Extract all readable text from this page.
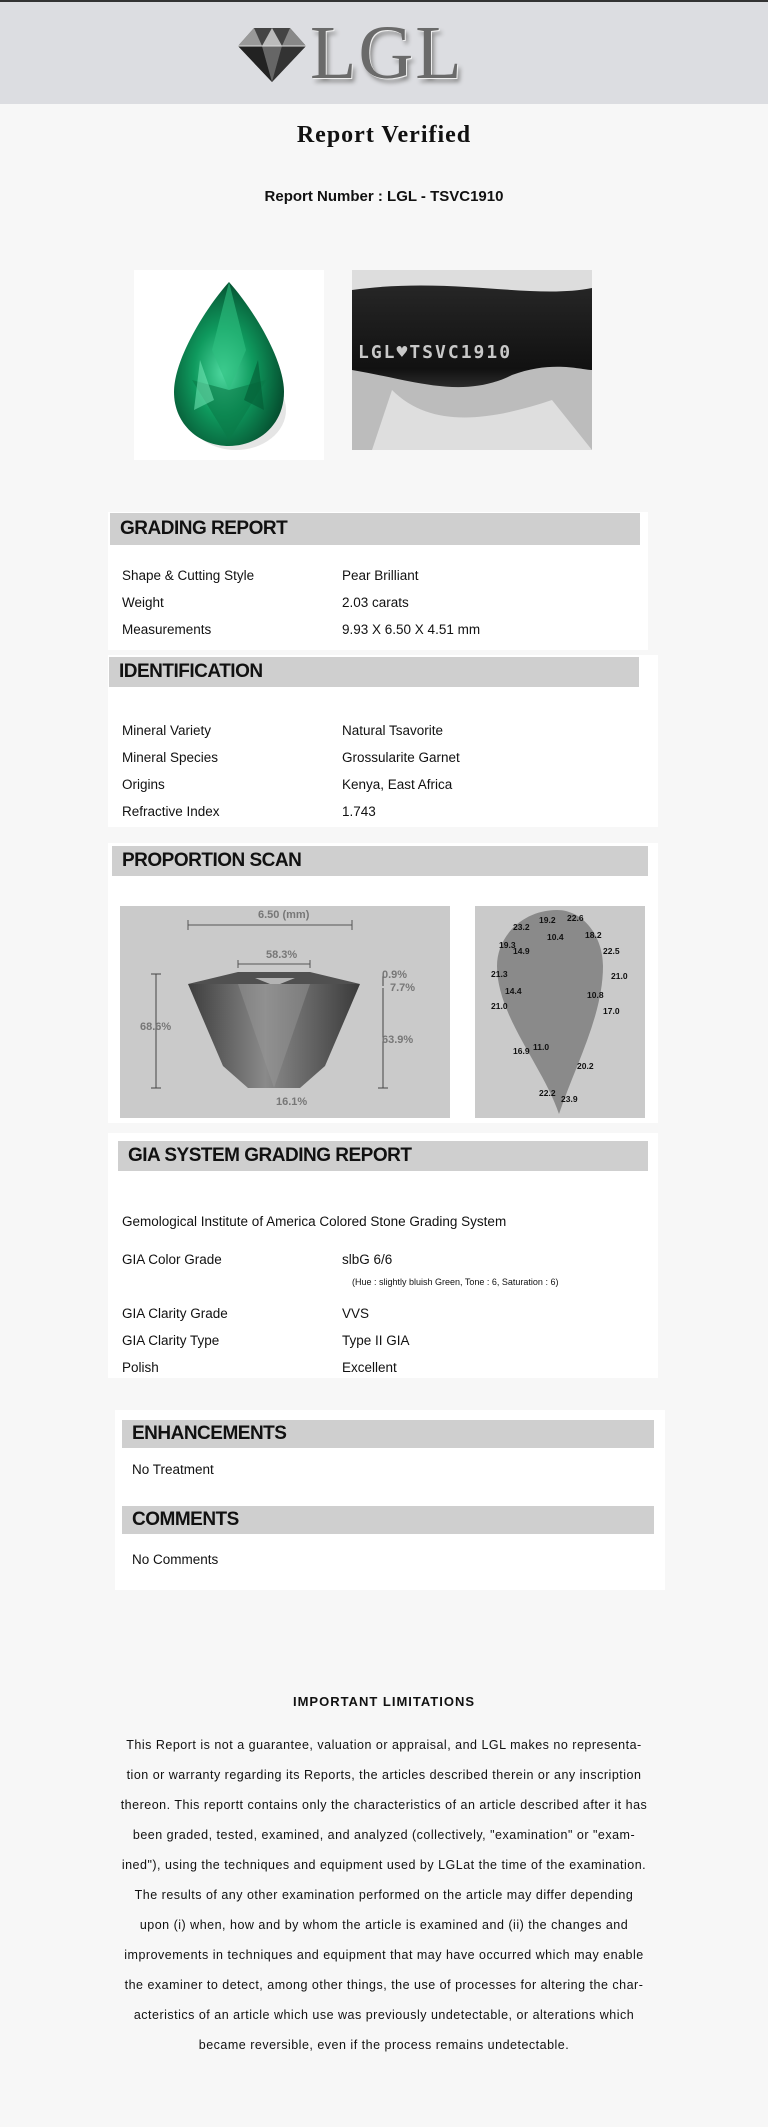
LGL
Report Verified
Report Number : LGL - TSVC1910
LGL♥TSVC1910
GRADING REPORT
Shape & Cutting Style	Pear Brilliant
Weight	2.03 carats
Measurements	9.93 X 6.50 X 4.51 mm
IDENTIFICATION
Mineral Variety	Natural Tsavorite
Mineral Species	Grossularite Garnet
Origins	Kenya, East Africa
Refractive Index	1.743
PROPORTION SCAN
6.50 (mm)
58.3%
68.6%
0.9%
7.7%
63.9%
16.1%
23.2
19.2 22.6
19.3
10.4	18.2
14.9	22.5
21.3	21.0
14.4	10.8
21.0	17.0
16.9 11.0
20.2
22.2
23.9
GIA SYSTEM GRADING REPORT
Gemological Institute of America Colored Stone Grading System
GIA Color Grade	slbG 6/6
(Hue : slightly bluish Green, Tone : 6, Saturation : 6)
GIA Clarity Grade	VVS
GIA Clarity Type	Type II GIA
Polish	Excellent
ENHANCEMENTS
No Treatment
COMMENTS
No Comments
IMPORTANT LIMITATIONS
This Report is not a guarantee, valuation or appraisal, and LGL makes no representa-
tion or warranty regarding its Reports, the articles described therein or any inscription
thereon. This reportt contains only the characteristics of an article described after it has
been graded, tested, examined, and analyzed (collectively, "examination" or "exam-
ined"), using the techniques and equipment used by LGLat the time of the examination.
The results of any other examination performed on the article may differ depending
upon (i) when, how and by whom the article is examined and (ii) the changes and
improvements in techniques and equipment that may have occurred which may enable
the examiner to detect, among other things, the use of processes for altering the char-
acteristics of an article which use was previously undetectable, or alterations which
became reversible, even if the process remains undetectable.
